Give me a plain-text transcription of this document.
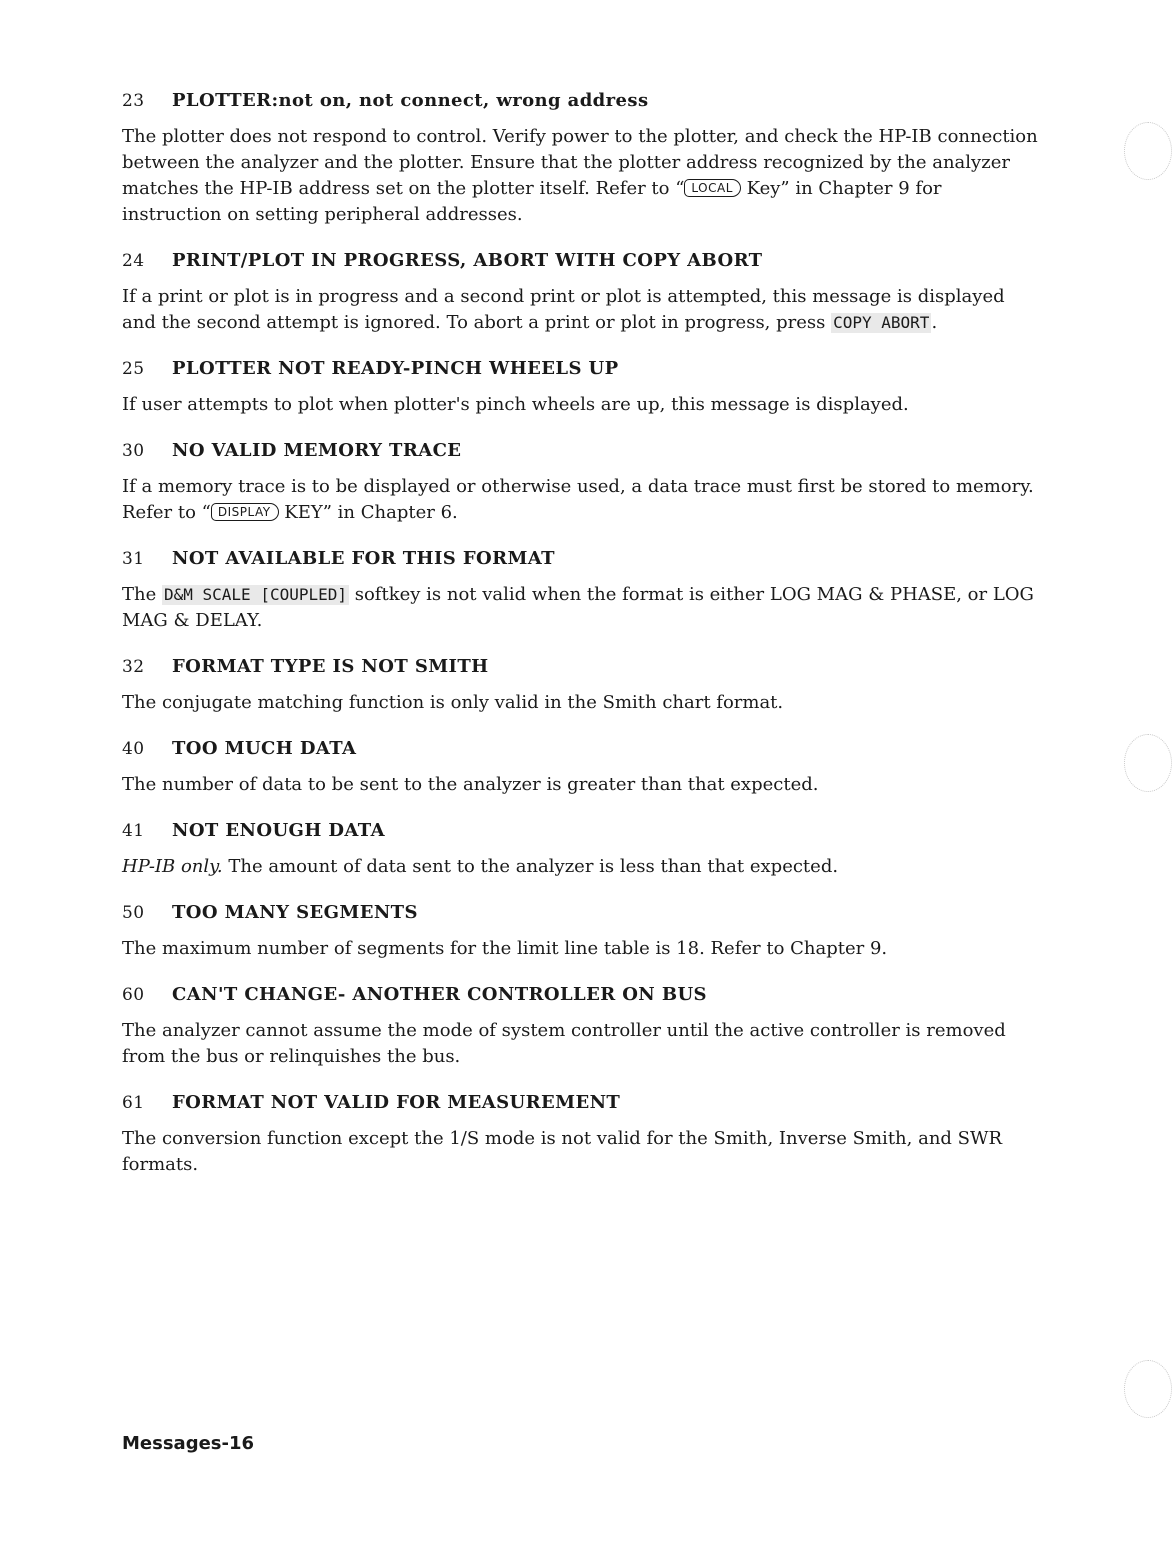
23 PLOTTER:not on, not connect, wrong address

The plotter does not respond to control. Verify power to the plotter, and check the HP-IB connection between the analyzer and the plotter. Ensure that the plotter address recognized by the analyzer matches the HP-IB address set on the plotter itself. Refer to “ LOCAL Key” in Chapter 9 for instruction on setting peripheral addresses.

24 PRINT/PLOT IN PROGRESS, ABORT WITH COPY ABORT

If a print or plot is in progress and a second print or plot is attempted, this message is displayed and the second attempt is ignored. To abort a print or plot in progress, press COPY ABORT .

25 PLOTTER NOT READY-PINCH WHEELS UP

If user attempts to plot when plotter's pinch wheels are up, this message is displayed.

30 NO VALID MEMORY TRACE

If a memory trace is to be displayed or otherwise used, a data trace must first be stored to memory. Refer to “ DISPLAY KEY” in Chapter 6.

31 NOT AVAILABLE FOR THIS FORMAT

The D&M SCALE [COUPLED] softkey is not valid when the format is either LOG MAG & PHASE, or LOG MAG & DELAY.

32 FORMAT TYPE IS NOT SMITH

The conjugate matching function is only valid in the Smith chart format.

40 TOO MUCH DATA

The number of data to be sent to the analyzer is greater than that expected.

41 NOT ENOUGH DATA

HP-IB only. The amount of data sent to the analyzer is less than that expected.

50 TOO MANY SEGMENTS

The maximum number of segments for the limit line table is 18. Refer to Chapter 9.

60 CAN'T CHANGE- ANOTHER CONTROLLER ON BUS

The analyzer cannot assume the mode of system controller until the active controller is removed from the bus or relinquishes the bus.

61 FORMAT NOT VALID FOR MEASUREMENT

The conversion function except the 1/S mode is not valid for the Smith, Inverse Smith, and SWR formats.

Messages-16
